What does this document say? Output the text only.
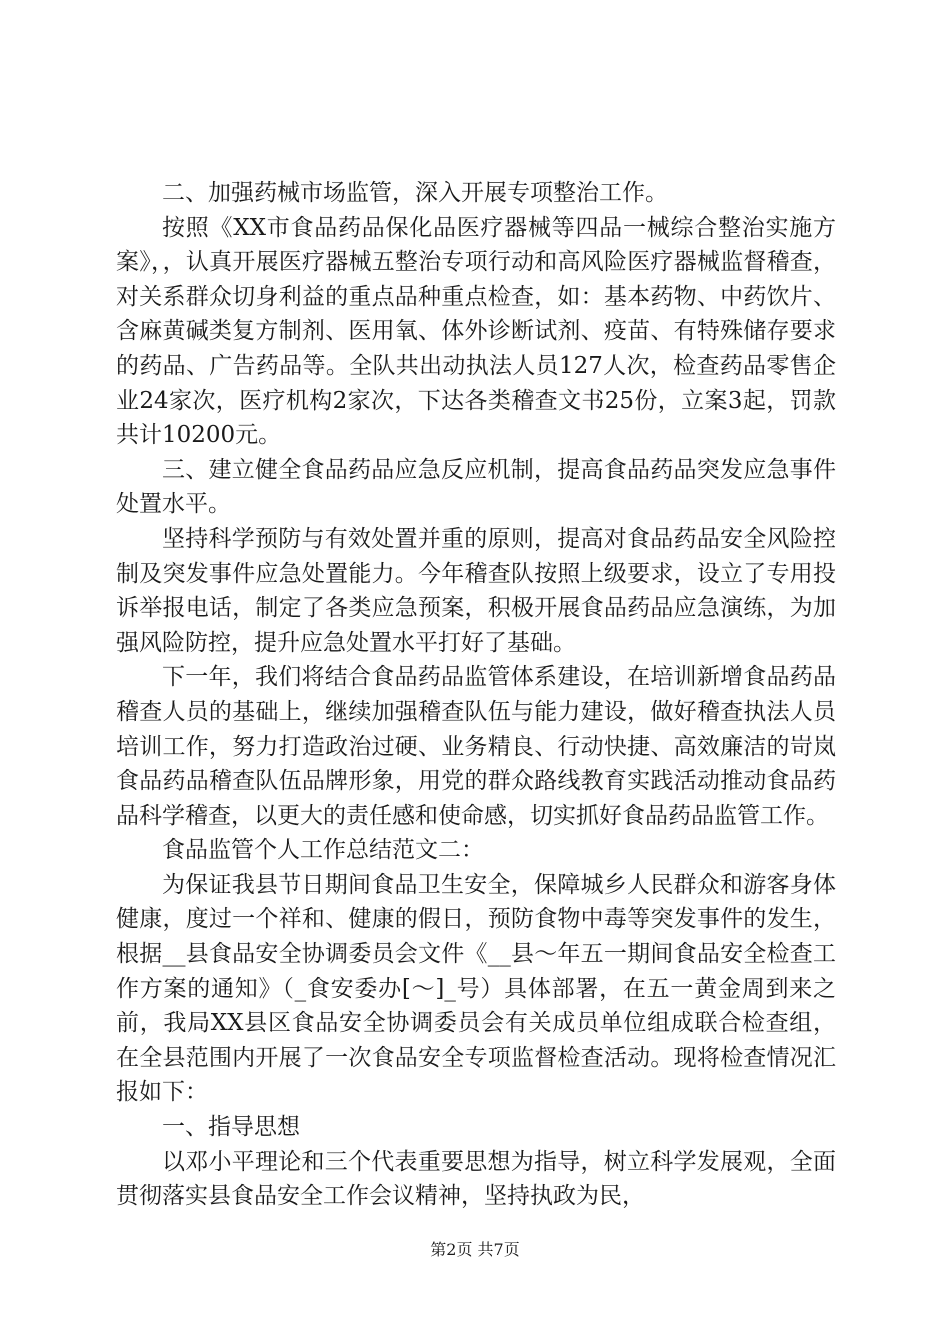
二、加强药械市场监管，深入开展专项整治工作。

按照《XX市食品药品保化品医疗器械等四品一械综合整治实施方案》，，认真开展医疗器械五整治专项行动和高风险医疗器械监督稽查，对关系群众切身利益的重点品种重点检查，如：基本药物、中药饮片、含麻黄碱类复方制剂、医用氧、体外诊断试剂、疫苗、有特殊储存要求的药品、广告药品等。全队共出动执法人员127人次，检查药品零售企业24家次，医疗机构2家次，下达各类稽查文书25份，立案3起，罚款共计10200元。

三、建立健全食品药品应急反应机制，提高食品药品突发应急事件处置水平。

坚持科学预防与有效处置并重的原则，提高对食品药品安全风险控制及突发事件应急处置能力。今年稽查队按照上级要求，设立了专用投诉举报电话，制定了各类应急预案，积极开展食品药品应急演练，为加强风险防控，提升应急处置水平打好了基础。

下一年，我们将结合食品药品监管体系建设，在培训新增食品药品稽查人员的基础上，继续加强稽查队伍与能力建设，做好稽查执法人员培训工作，努力打造政治过硬、业务精良、行动快捷、高效廉洁的岢岚食品药品稽查队伍品牌形象，用党的群众路线教育实践活动推动食品药品科学稽查，以更大的责任感和使命感，切实抓好食品药品监管工作。

食品监管个人工作总结范文二：

为保证我县节日期间食品卫生安全，保障城乡人民群众和游客身体健康，度过一个祥和、健康的假日，预防食物中毒等突发事件的发生，根据__县食品安全协调委员会文件《__县～年五一期间食品安全检查工作方案的通知》（_食安委办[～]_号）具体部署，在五一黄金周到来之前，我局XX县区食品安全协调委员会有关成员单位组成联合检查组，在全县范围内开展了一次食品安全专项监督检查活动。现将检查情况汇报如下：

一、指导思想

以邓小平理论和三个代表重要思想为指导，树立科学发展观，全面贯彻落实县食品安全工作会议精神，坚持执政为民，

第2页 共7页
